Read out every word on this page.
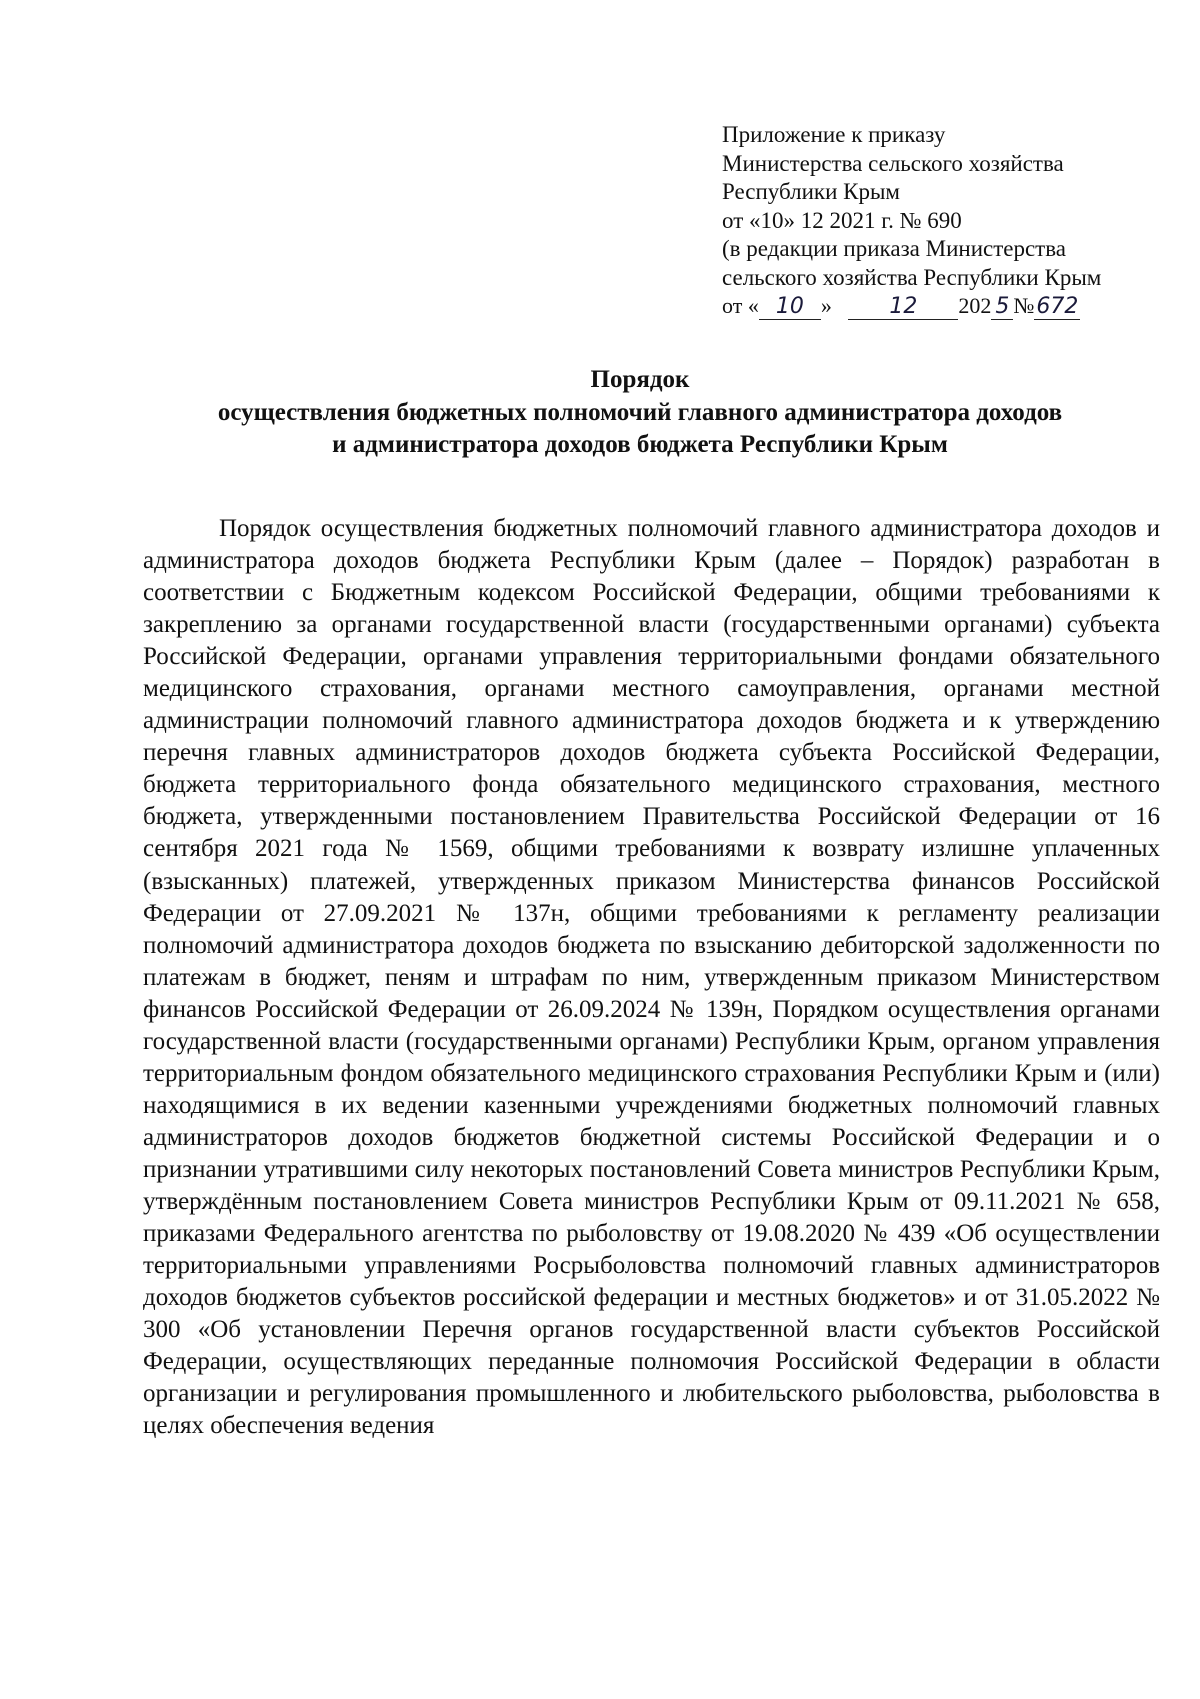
Приложение к приказу
Министерства сельского хозяйства
Республики Крым
от «10» 12 2021 г. № 690
(в редакции приказа Министерства
сельского хозяйства Республики Крым
от « 10 »	12 202 5 №672
Порядок
осуществления бюджетных полномочий главного администратора доходов
и администратора доходов бюджета Республики Крым
Порядок осуществления бюджетных полномочий главного администратора доходов и администратора доходов бюджета Республики Крым (далее – Порядок) разработан в соответствии с Бюджетным кодексом Российской Федерации, общими требованиями к закреплению за органами государственной власти (государственными органами) субъекта Российской Федерации, органами управления территориальными фондами обязательного медицинского страхования, органами местного самоуправления, органами местной администрации полномочий главного администратора доходов бюджета и к утверждению перечня главных администраторов доходов бюджета субъекта Российской Федерации, бюджета территориального фонда обязательного медицинского страхования, местного бюджета, утвержденными постановлением Правительства Российской Федерации от 16 сентября 2021 года № 1569, общими требованиями к возврату излишне уплаченных (взысканных) платежей, утвержденных приказом Министерства финансов Российской Федерации от 27.09.2021 № 137н, общими требованиями к регламенту реализации полномочий администратора доходов бюджета по взысканию дебиторской задолженности по платежам в бюджет, пеням и штрафам по ним, утвержденным приказом Министерством финансов Российской Федерации от 26.09.2024 № 139н, Порядком осуществления органами государственной власти (государственными органами) Республики Крым, органом управления территориальным фондом обязательного медицинского страхования Республики Крым и (или) находящимися в их ведении казенными учреждениями бюджетных полномочий главных администраторов доходов бюджетов бюджетной системы Российской Федерации и о признании утратившими силу некоторых постановлений Совета министров Республики Крым, утверждённым постановлением Совета министров Республики Крым от 09.11.2021 № 658, приказами Федерального агентства по рыболовству от 19.08.2020 № 439 «Об осуществлении территориальными управлениями Росрыболовства полномочий главных администраторов доходов бюджетов субъектов российской федерации и местных бюджетов» и от 31.05.2022 № 300 «Об установлении Перечня органов государственной власти субъектов Российской Федерации, осуществляющих переданные полномочия Российской Федерации в области организации и регулирования промышленного и любительского рыболовства, рыболовства в целях обеспечения ведения
